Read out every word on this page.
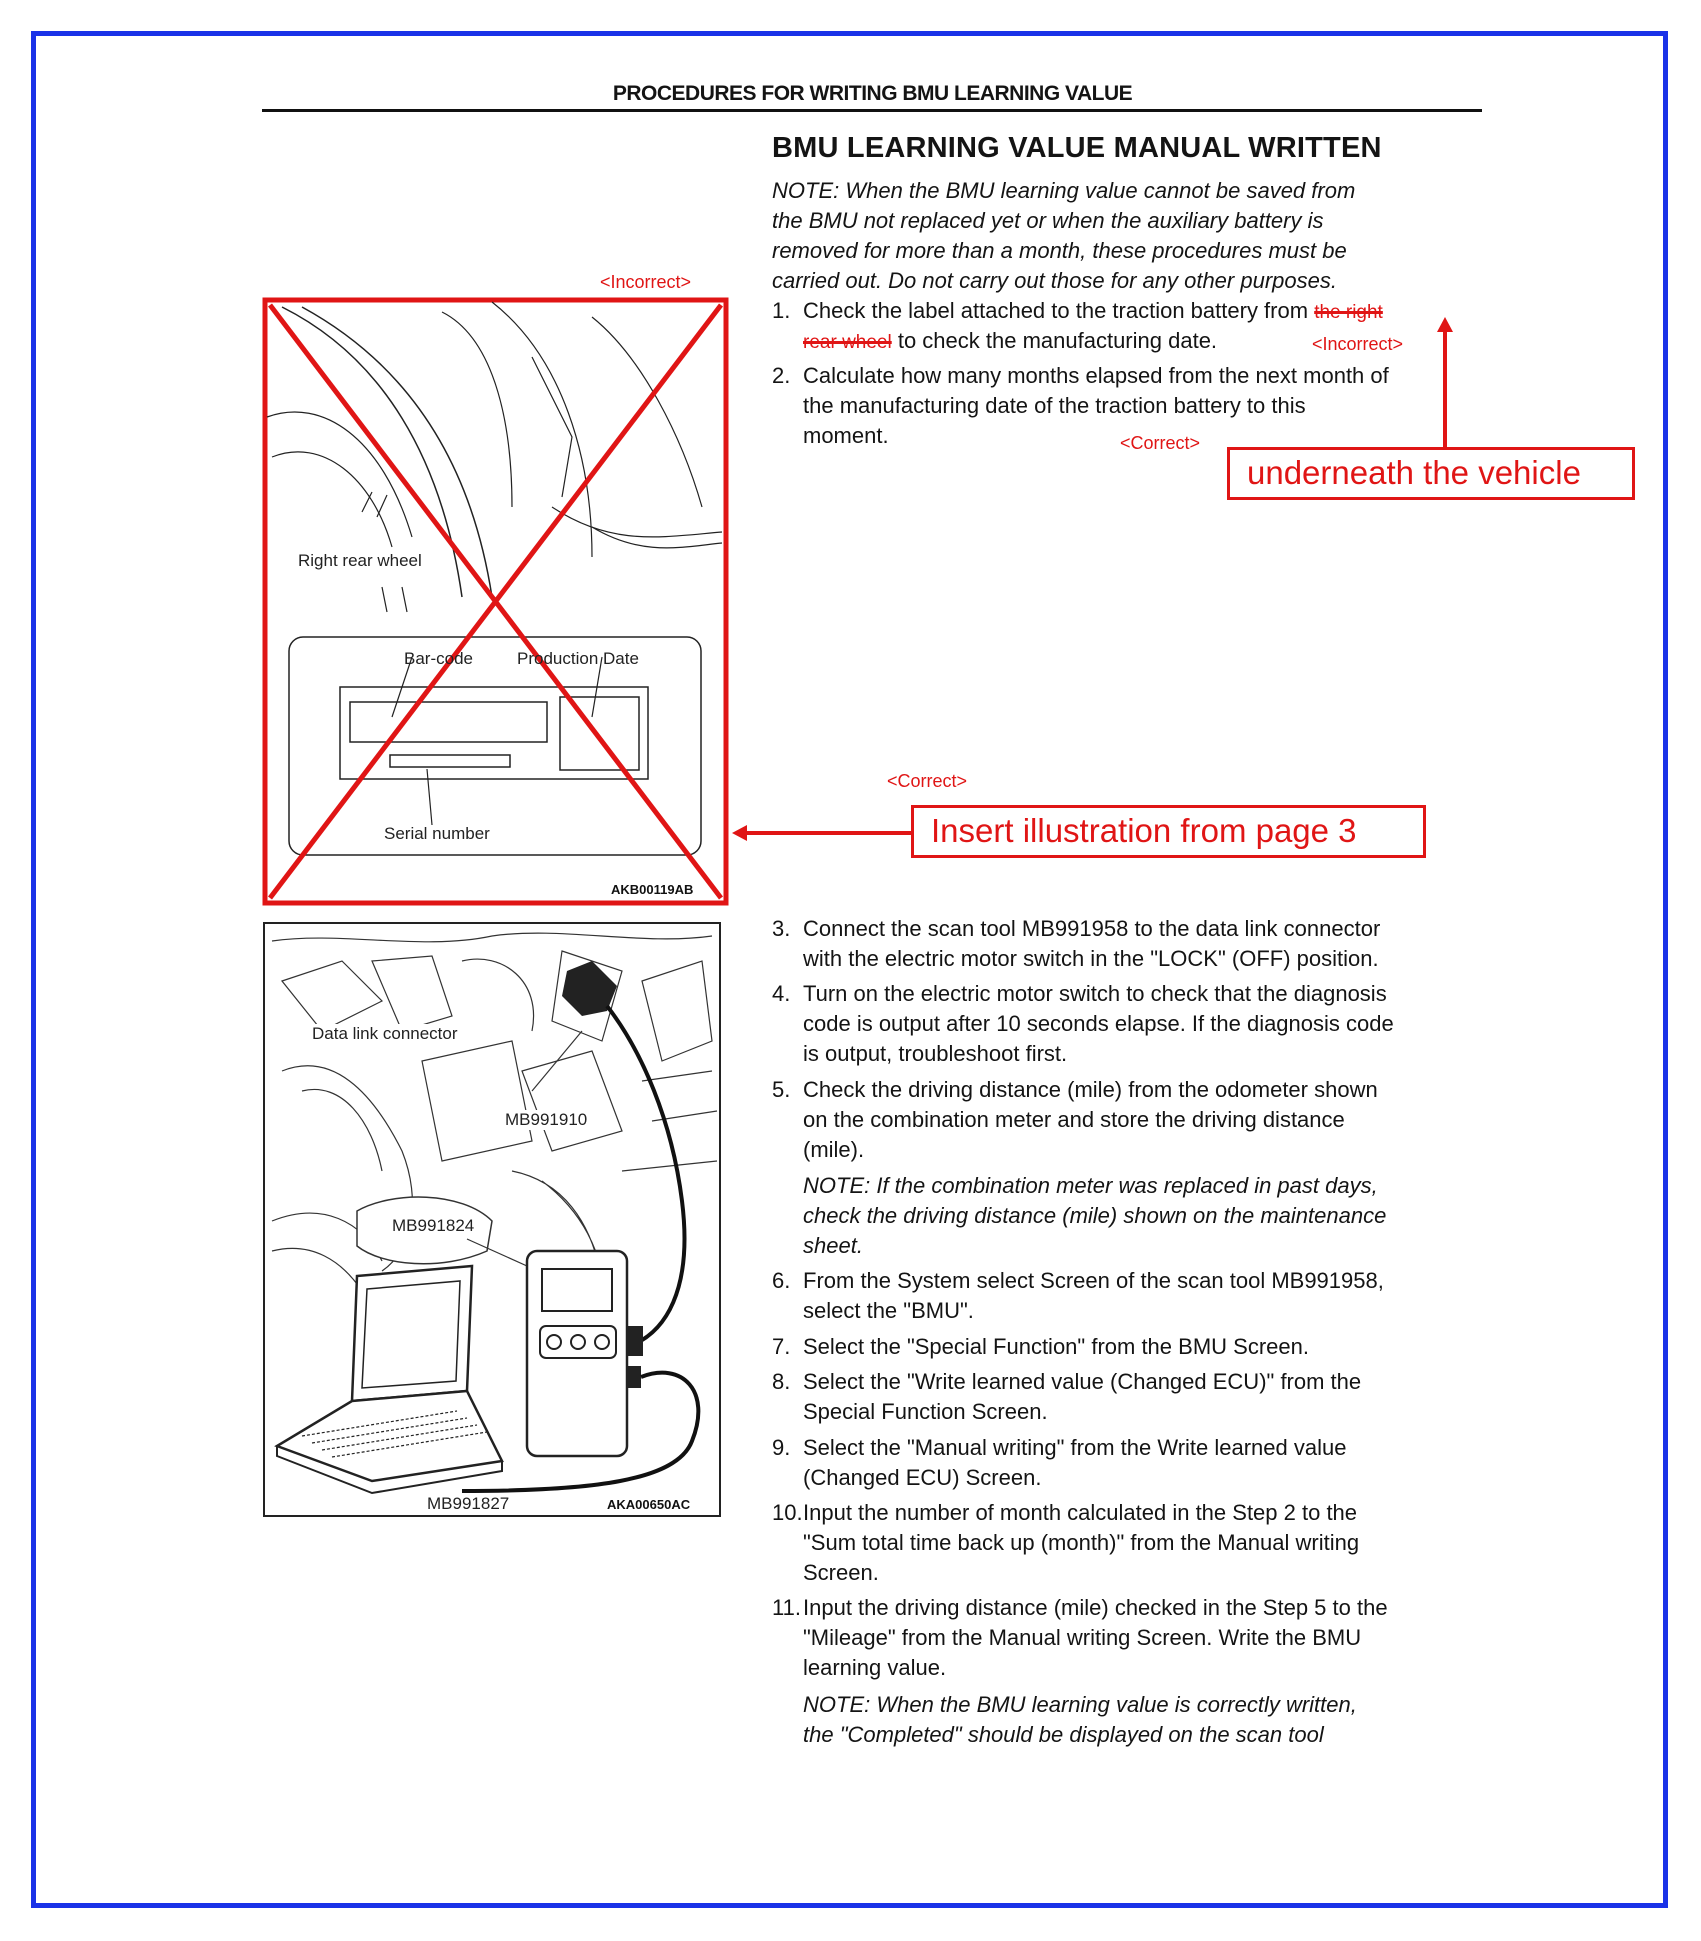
PROCEDURES FOR WRITING BMU LEARNING VALUE
BMU LEARNING VALUE MANUAL WRITTEN
NOTE: When the BMU learning value cannot be saved from
the BMU not replaced yet or when the auxiliary battery is
removed for more than a month, these procedures must be
carried out. Do not carry out those for any other purposes.
1. Check the label attached to the traction battery from the right
rear wheel to check the manufacturing date.	<Incorrect>
2. Calculate how many months elapsed from the next month of
the manufacturing date of the traction battery to this
moment.	<Correct>
underneath the vehicle
<Incorrect>
Right rear wheel
Bar-code	Production Date
Serial number
AKB00119AB
<Correct>
Insert illustration from page 3
Data link connector
MB991910
MB991824
MB991827	AKA00650AC
3. Connect the scan tool MB991958 to the data link connector
with the electric motor switch in the "LOCK" (OFF) position.
4. Turn on the electric motor switch to check that the diagnosis
code is output after 10 seconds elapse. If the diagnosis code
is output, troubleshoot first.
5. Check the driving distance (mile) from the odometer shown
on the combination meter and store the driving distance
(mile).
NOTE: If the combination meter was replaced in past days,
check the driving distance (mile) shown on the maintenance
sheet.
6. From the System select Screen of the scan tool MB991958,
select the "BMU".
7. Select the "Special Function" from the BMU Screen.
8. Select the "Write learned value (Changed ECU)" from the
Special Function Screen.
9. Select the "Manual writing" from the Write learned value
(Changed ECU) Screen.
10. Input the number of month calculated in the Step 2 to the
"Sum total time back up (month)" from the Manual writing
Screen.
11. Input the driving distance (mile) checked in the Step 5 to the
"Mileage" from the Manual writing Screen. Write the BMU
learning value.
NOTE: When the BMU learning value is correctly written,
the "Completed" should be displayed on the scan tool
